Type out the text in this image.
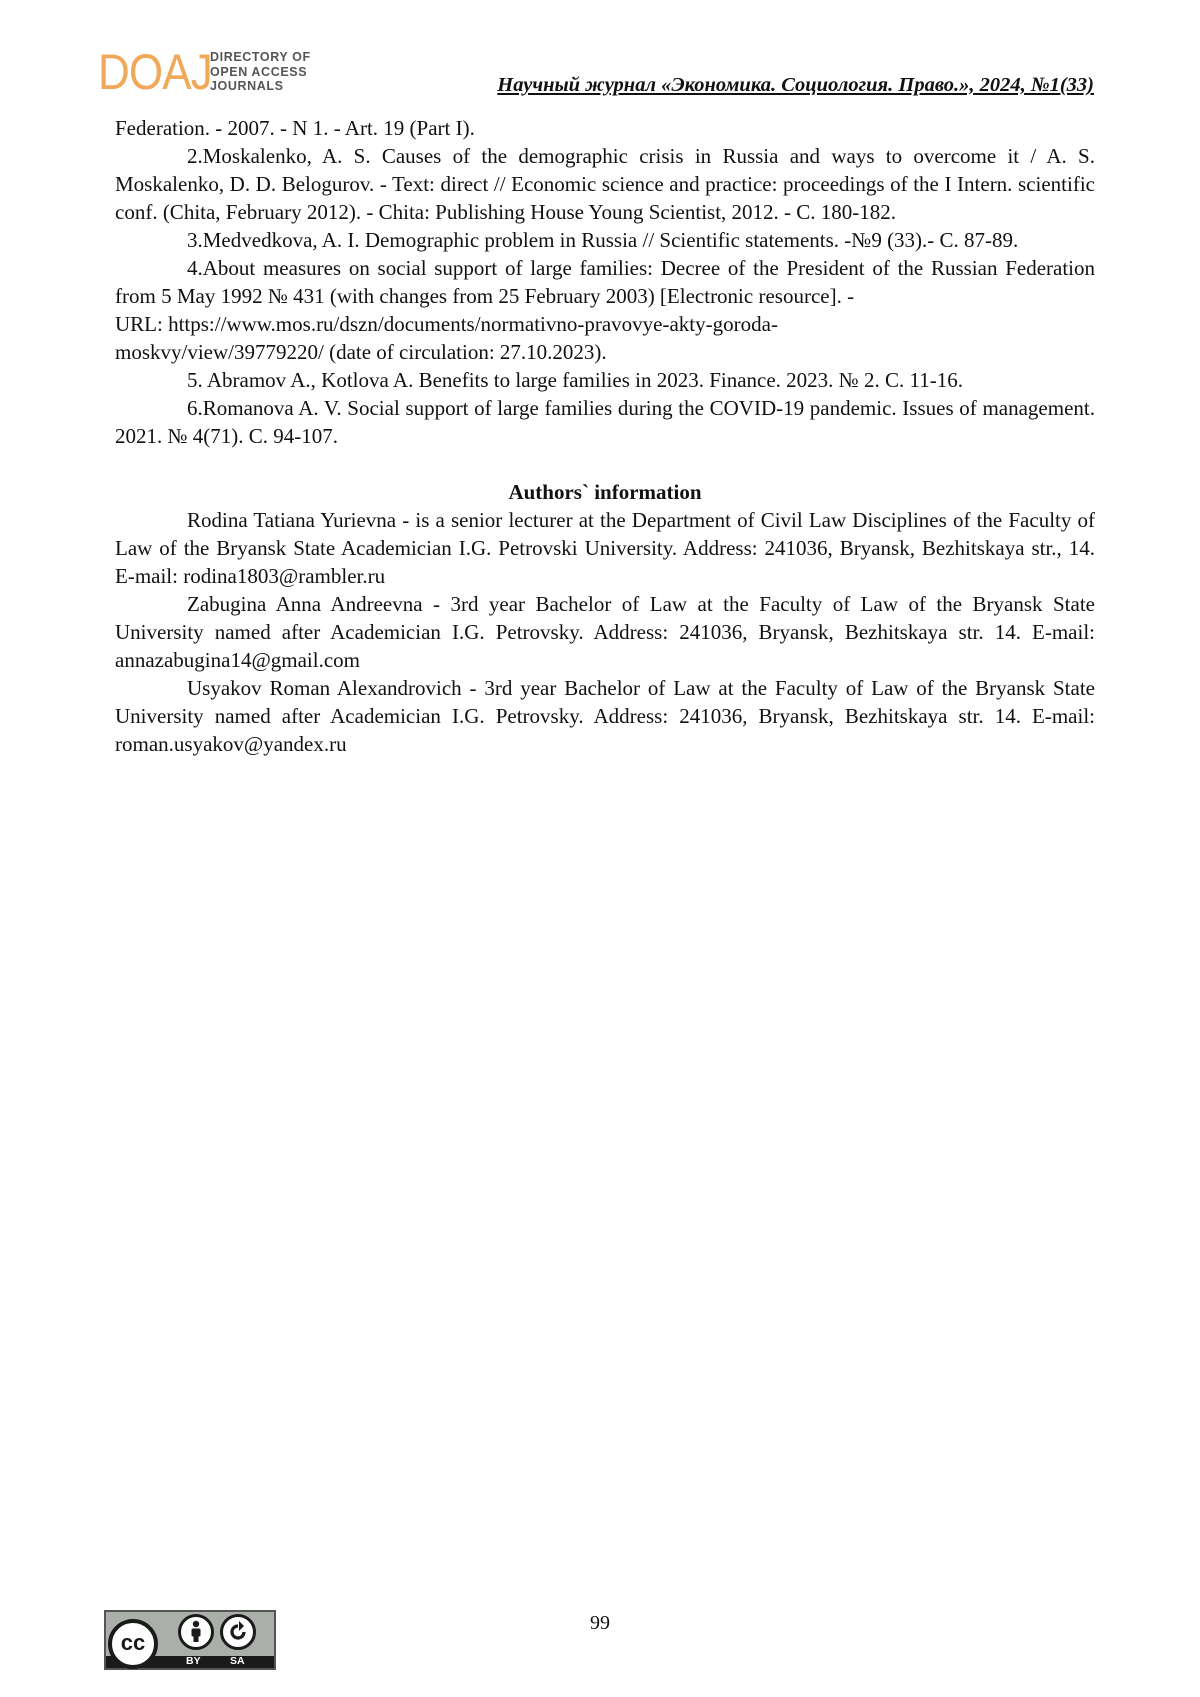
DOAJ
DIRECTORY OF
OPEN ACCESS
JOURNALS	Научный журнал «Экономика. Социология. Право.», 2024, №1(33)

Federation. - 2007. - N 1. - Art. 19 (Part I).

2.Moskalenko, A. S. Causes of the demographic crisis in Russia and ways to overcome it / A. S. Moskalenko, D. D. Belogurov. - Text: direct // Economic science and practice: proceedings of the I Intern. scientific conf. (Chita, February 2012). - Chita: Publishing House Young Scientist, 2012. - С. 180-182.

3.Medvedkova, A. I. Demographic problem in Russia // Scientific statements. -№9 (33).- С. 87-89.

4.About measures on social support of large families: Decree of the President of the Russian Federation from 5 May 1992 № 431 (with changes from 25 February 2003) [Electronic resource]. -

URL: https://www.mos.ru/dszn/documents/normativno-pravovye-akty-goroda-

moskvy/view/39779220/ (date of circulation: 27.10.2023).

5. Abramov A., Kotlova A. Benefits to large families in 2023. Finance. 2023. № 2. С. 11-16.

6.Romanova A. V. Social support of large families during the COVID-19 pandemic. Issues of management. 2021. № 4(71). С. 94-107.

Authors` information

Rodina Tatiana Yurievna - is a senior lecturer at the Department of Civil Law Disciplines of the Faculty of Law of the Bryansk State Academician I.G. Petrovski University. Address: 241036, Bryansk, Bezhitskaya str., 14. E-mail: rodina1803@rambler.ru

Zabugina Anna Andreevna - 3rd year Bachelor of Law at the Faculty of Law of the Bryansk State University named after Academician I.G. Petrovsky. Address: 241036, Bryansk, Bezhitskaya str. 14. E-mail: annazabugina14@gmail.com

Usyakov Roman Alexandrovich - 3rd year Bachelor of Law at the Faculty of Law of the Bryansk State University named after Academician I.G. Petrovsky. Address: 241036, Bryansk, Bezhitskaya str. 14. E-mail: roman.usyakov@yandex.ru

cc
BY	SA
99
